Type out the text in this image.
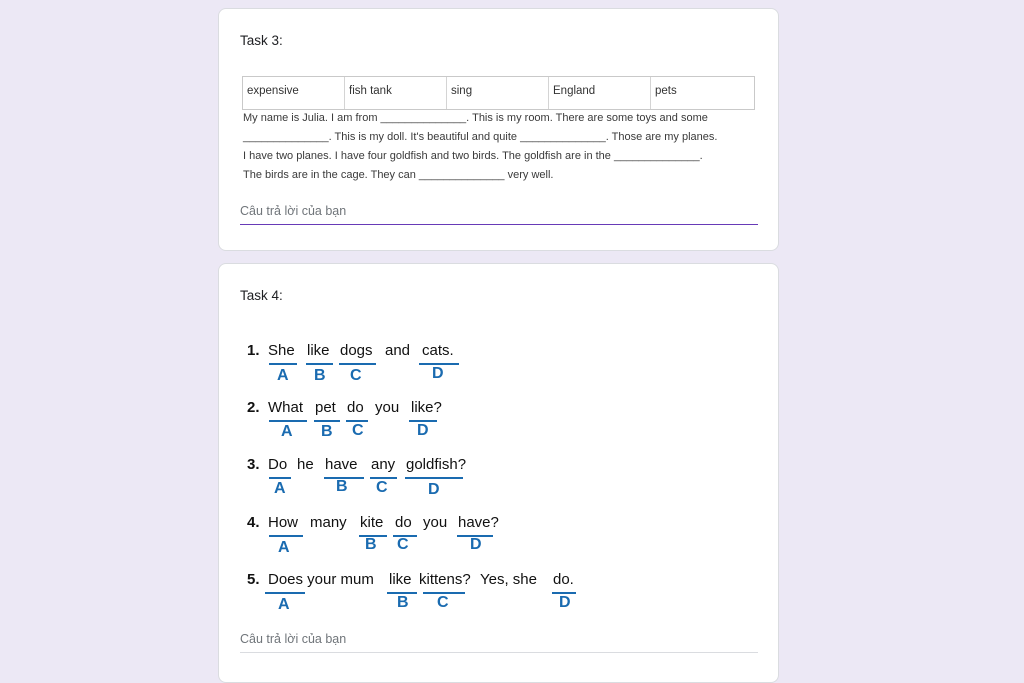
Task 3:
expensive	fish tank	sing	England	pets
My name is Julia. I am from ______________. This is my room. There are some toys and some
______________. This is my doll. It's beautiful and quite ______________. Those are my planes.
I have two planes. I have four goldfish and two birds. The goldfish are in the ______________.
The birds are in the cage. They can ______________ very well.
Câu trả lời của bạn
Task 4:
1. She like dogs and cats.
A B C	D
2. What pet do you like?
A B C	D
3. Do he have any goldfish?
A	B C	D
4. How many kite do you have?
A	B C	D
5. Does your mum like kittens? Yes, she do.
A	B C	D
Câu trả lời của bạn
